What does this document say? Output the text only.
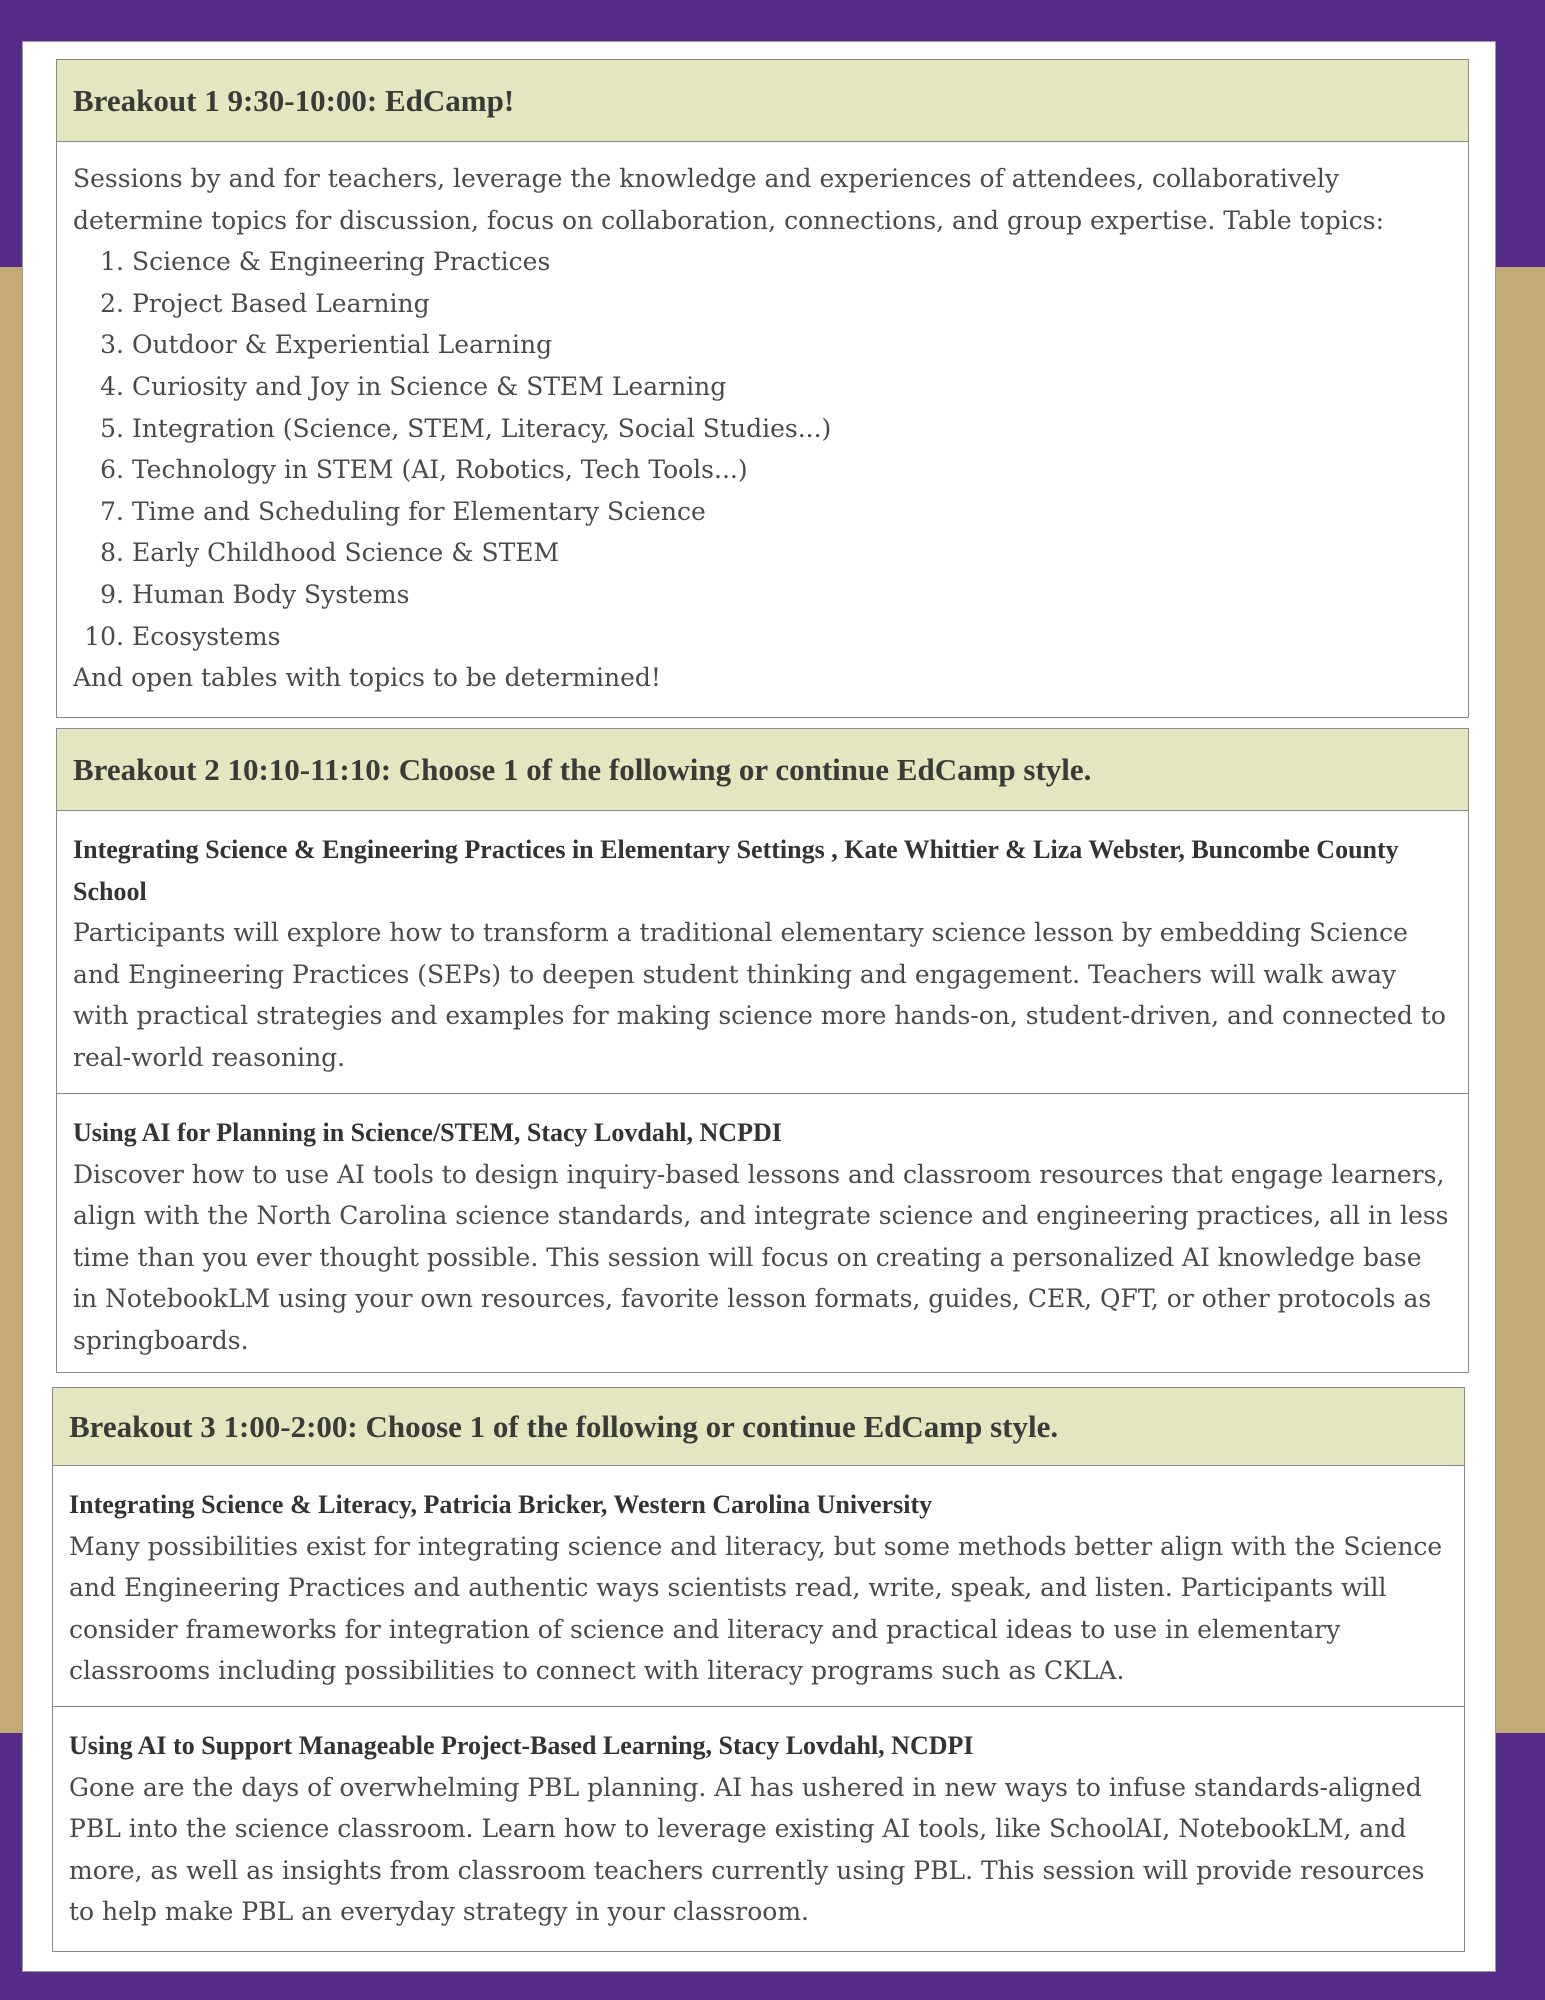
Breakout 1 9:30-10:00: EdCamp!

Sessions by and for teachers, leverage the knowledge and experiences of attendees, collaboratively determine topics for discussion, focus on collaboration, connections, and group expertise. Table topics:

1.
Science & Engineering Practices
2.
Project Based Learning
3.
Outdoor & Experiential Learning
4.
Curiosity and Joy in Science & STEM Learning
5.
Integration (Science, STEM, Literacy, Social Studies...)
6.
Technology in STEM (AI, Robotics, Tech Tools...)
7.
Time and Scheduling for Elementary Science
8.
Early Childhood Science & STEM
9.
Human Body Systems
10.
Ecosystems

And open tables with topics to be determined!

Breakout 2 10:10-11:10: Choose 1 of the following or continue EdCamp style.
Integrating Science & Engineering Practices in Elementary Settings , Kate Whittier & Liza Webster, Buncombe County School
Participants will explore how to transform a traditional elementary science lesson by embedding Science and Engineering Practices (SEPs) to deepen student thinking and engagement. Teachers will walk away with practical strategies and examples for making science more hands-on, student-driven, and connected to real-world reasoning.
Using AI for Planning in Science/STEM, Stacy Lovdahl, NCPDI
Discover how to use AI tools to design inquiry-based lessons and classroom resources that engage learners, align with the North Carolina science standards, and integrate science and engineering practices, all in less time than you ever thought possible. This session will focus on creating a personalized AI knowledge base in NotebookLM using your own resources, favorite lesson formats, guides, CER, QFT, or other protocols as springboards.
Breakout 3 1:00-2:00: Choose 1 of the following or continue EdCamp style.
Integrating Science & Literacy, Patricia Bricker, Western Carolina University
Many possibilities exist for integrating science and literacy, but some methods better align with the Science and Engineering Practices and authentic ways scientists read, write, speak, and listen. Participants will consider frameworks for integration of science and literacy and practical ideas to use in elementary classrooms including possibilities to connect with literacy programs such as CKLA.
Using AI to Support Manageable Project-Based Learning, Stacy Lovdahl, NCDPI
Gone are the days of overwhelming PBL planning. AI has ushered in new ways to infuse standards-aligned PBL into the science classroom. Learn how to leverage existing AI tools, like SchoolAI, NotebookLM, and more, as well as insights from classroom teachers currently using PBL. This session will provide resources to help make PBL an everyday strategy in your classroom.
